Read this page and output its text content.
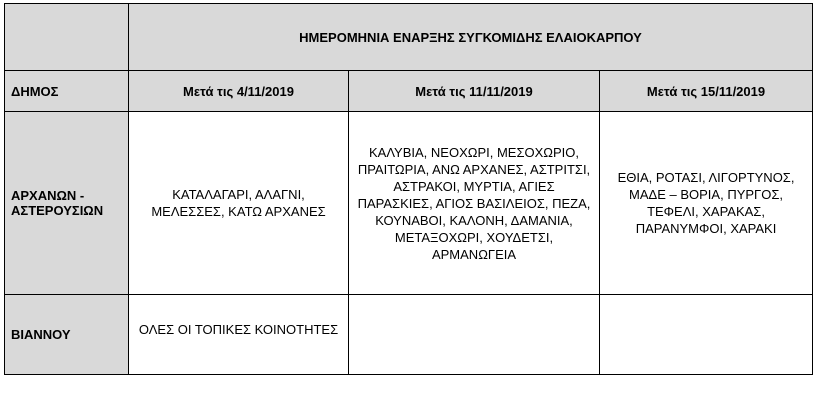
	ΗΜΕΡΟΜΗΝΙΑ ΕΝΑΡΞΗΣ ΣΥΓΚΟΜΙΔΗΣ ΕΛΑΙΟΚΑΡΠΟΥ		
ΔΗΜΟΣ	Μετά τις 4/11/2019	Μετά τις 11/11/2019	Μετά τις 15/11/2019
ΑΡΧΑΝΩΝ - ΑΣΤΕΡΟΥΣΙΩΝ	ΚΑΤΑΛΑΓΑΡΙ, ΑΛΑΓΝΙ, ΜΕΛΕΣΣΕΣ, ΚΑΤΩ ΑΡΧΑΝΕΣ	ΚΑΛΥΒΙΑ, ΝΕΟΧΩΡΙ, ΜΕΣΟΧΩΡΙΟ, ΠΡΑΙΤΩΡΙΑ, ΑΝΩ ΑΡΧΑΝΕΣ, ΑΣΤΡΙΤΣΙ, ΑΣΤΡΑΚΟΙ, ΜΥΡΤΙΑ, ΑΓΙΕΣ ΠΑΡΑΣΚΙΕΣ, ΑΓΙΟΣ ΒΑΣΙΛΕΙΟΣ, ΠΕΖΑ, ΚΟΥΝΑΒΟΙ, ΚΑΛΟΝΗ, ΔΑΜΑΝΙΑ, ΜΕΤΑΞΟΧΩΡΙ, ΧΟΥΔΕΤΣΙ, ΑΡΜΑΝΩΓΕΙΑ	ΕΘΙΑ, ΡΟΤΑΣΙ, ΛΙΓΟΡΤΥΝΟΣ, ΜΑΔΕ – ΒΟΡΙΑ, ΠΥΡΓΟΣ, ΤΕΦΕΛΙ, ΧΑΡΑΚΑΣ, ΠΑΡΑΝΥΜΦΟΙ, ΧΑΡΑΚΙ
ΒΙΑΝΝΟΥ	ΟΛΕΣ ΟΙ ΤΟΠΙΚΕΣ ΚΟΙΝΟΤΗΤΕΣ		
